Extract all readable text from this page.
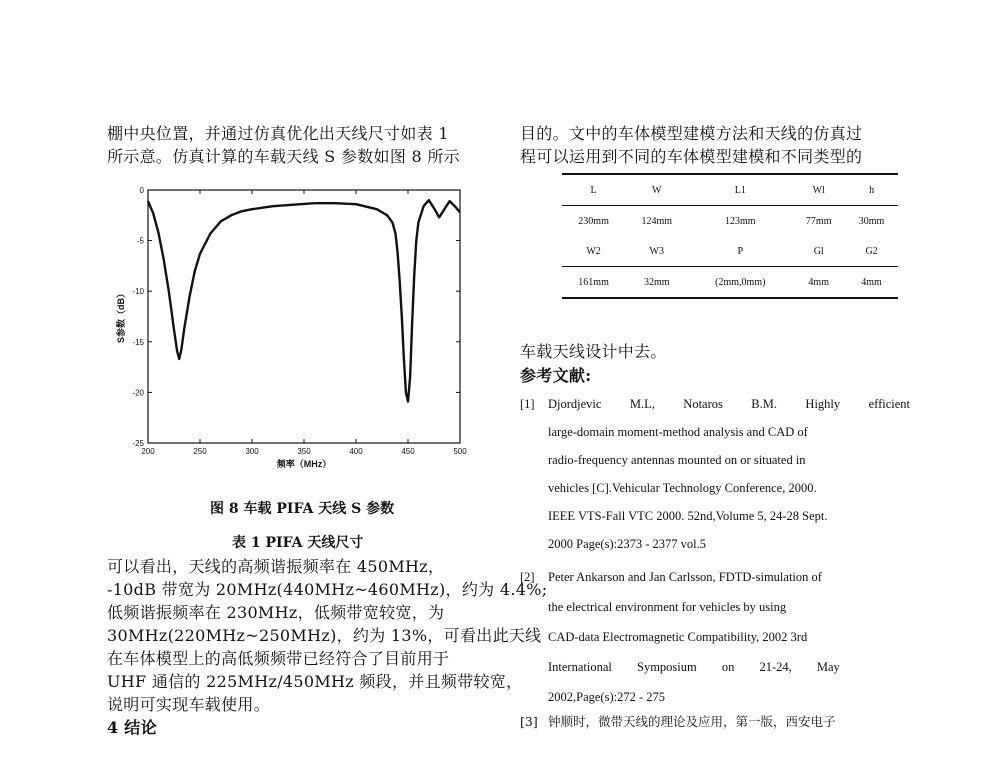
棚中央位置，并通过仿真优化出天线尺寸如表 1
所示意。仿真计算的车载天线 S 参数如图 8 所示
0
-5
-10
-15
-20
-25
200	250	300	350	400	450	500
S参数（dB）
频率（MHz）
图 8 车载 PIFA 天线 S 参数
表 1 PIFA 天线尺寸
可以看出，天线的高频谐振频率在 450MHz，
-10dB 带宽为 20MHz(440MHz~460MHz)，约为 4.4%;
低频谐振频率在 230MHz，低频带宽较宽，为
30MHz(220MHz~250MHz)，约为 13%，可看出此天线
在车体模型上的高低频频带已经符合了目前用于
UHF 通信的 225MHz/450MHz 频段，并且频带较宽，
说明可实现车载使用。
4 结论
目的。文中的车体模型建模方法和天线的仿真过
程可以运用到不同的车体模型建模和不同类型的
L	W	L1	Wl	h
230mm	124mm	123mm	77mm	30mm
W2	W3	P	Gl	G2
161mm	32mm	(2mm,0mm)	4mm	4mm
车载天线设计中去。
参考文献:
[1] Djordjevic M.L, Notaros B.M. Highly efficient
large-domain moment-method analysis and CAD of
radio-frequency antennas mounted on or situated in
vehicles [C].Vehicular Technology Conference, 2000.
IEEE VTS-Fall VTC 2000. 52nd,Volume 5, 24-28 Sept.
2000 Page(s):2373 - 2377 vol.5
[2] Peter Ankarson and Jan Carlsson, FDTD-simulation of
the electrical environment for vehicles by using
CAD-data Electromagnetic Compatibility, 2002 3rd
International Symposium on 21-24, May
2002,Page(s):272 - 275
[3] 钟顺时，微带天线的理论及应用，第一版，西安电子
